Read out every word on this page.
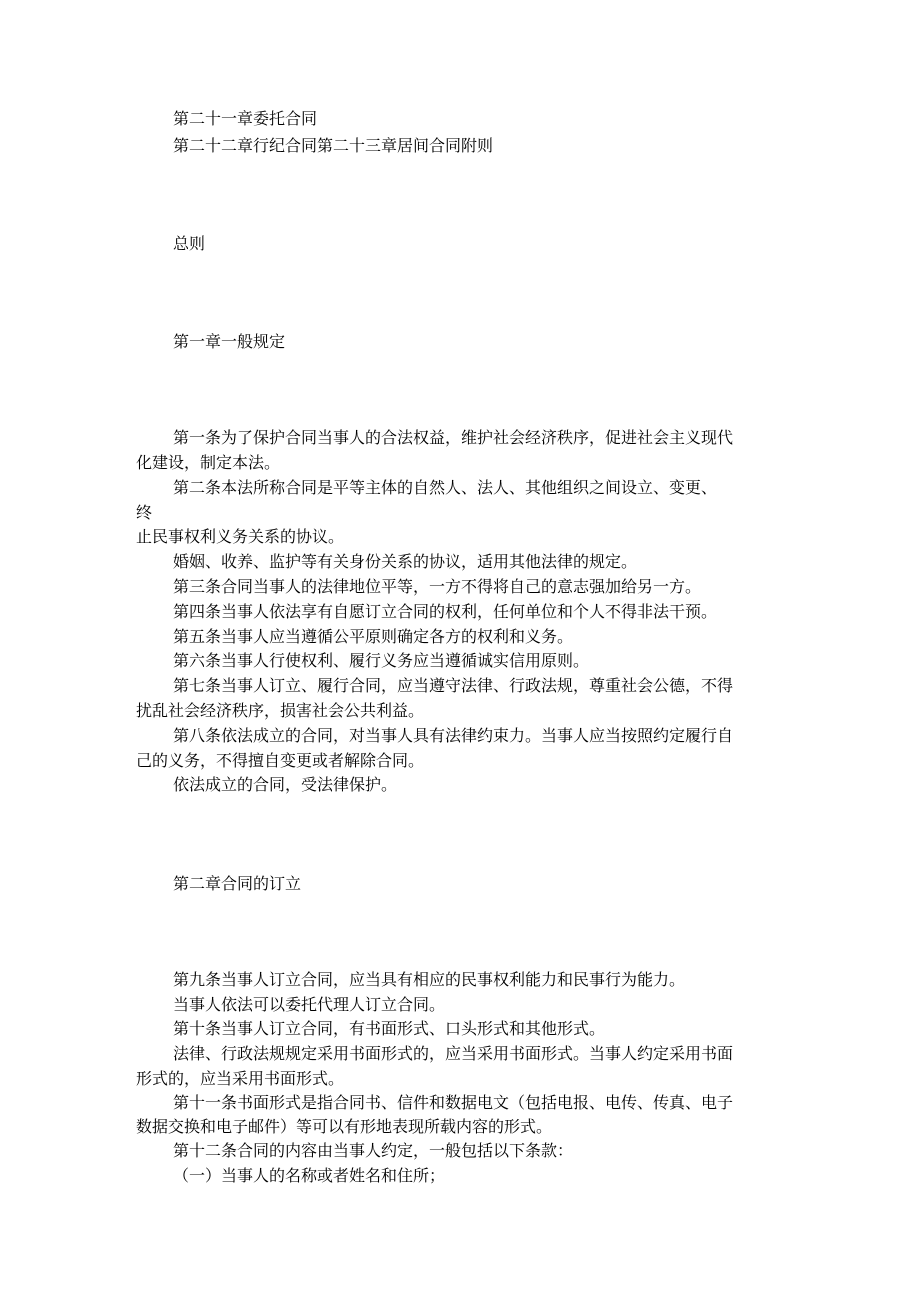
第二十一章委托合同
第二十二章行纪合同第二十三章居间合同附则
总则
第一章一般规定
第一条为了保护合同当事人的合法权益，维护社会经济秩序，促进社会主义现代
化建设，制定本法。
第二条本法所称合同是平等主体的自然人、法人、其他组织之间设立、变更、
终
止民事权利义务关系的协议。
婚姻、收养、监护等有关身份关系的协议，适用其他法律的规定。
第三条合同当事人的法律地位平等，一方不得将自己的意志强加给另一方。
第四条当事人依法享有自愿订立合同的权利，任何单位和个人不得非法干预。
第五条当事人应当遵循公平原则确定各方的权利和义务。
第六条当事人行使权利、履行义务应当遵循诚实信用原则。
第七条当事人订立、履行合同，应当遵守法律、行政法规，尊重社会公德，不得
扰乱社会经济秩序，损害社会公共利益。
第八条依法成立的合同，对当事人具有法律约束力。当事人应当按照约定履行自
己的义务，不得擅自变更或者解除合同。
依法成立的合同，受法律保护。
第二章合同的订立
第九条当事人订立合同，应当具有相应的民事权利能力和民事行为能力。
当事人依法可以委托代理人订立合同。
第十条当事人订立合同，有书面形式、口头形式和其他形式。
法律、行政法规规定采用书面形式的，应当采用书面形式。当事人约定采用书面
形式的，应当采用书面形式。
第十一条书面形式是指合同书、信件和数据电文（包括电报、电传、传真、电子
数据交换和电子邮件）等可以有形地表现所载内容的形式。
第十二条合同的内容由当事人约定，一般包括以下条款：
（一）当事人的名称或者姓名和住所；
